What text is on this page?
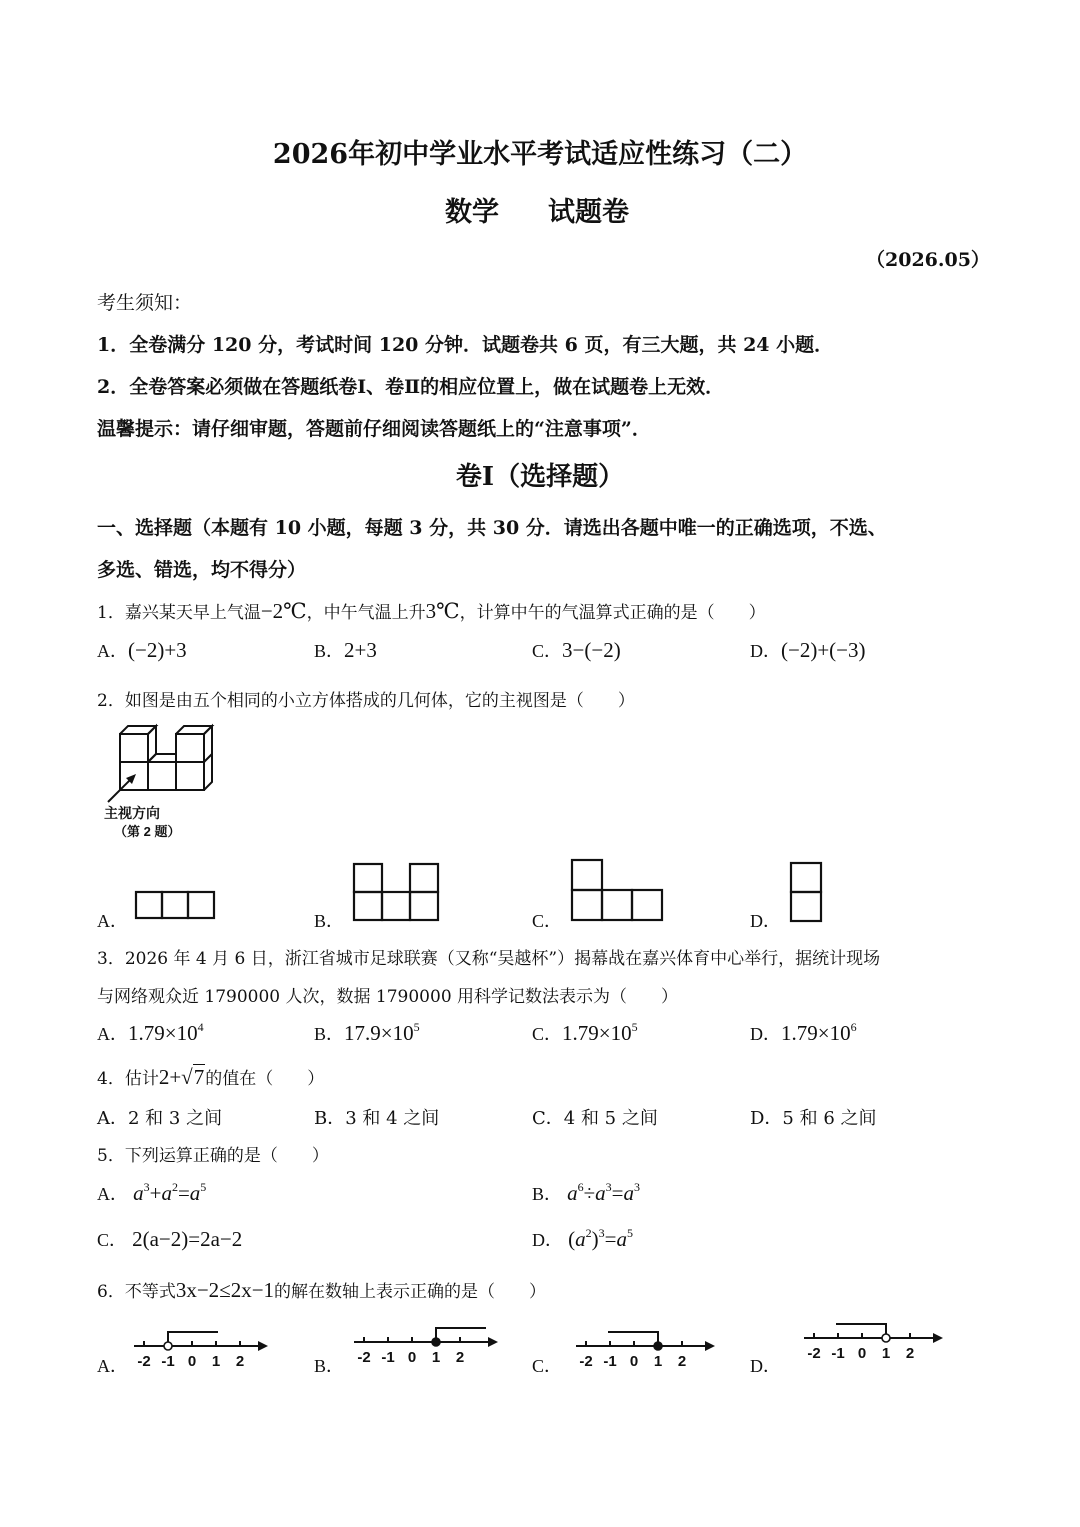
2026年初中学业水平考试适应性练习（二）
数学 试题卷
（2026.05）
考生须知：
1．全卷满分 120 分，考试时间 120 分钟．试题卷共 6 页，有三大题，共 24 小题．
2．全卷答案必须做在答题纸卷Ⅰ、卷Ⅱ的相应位置上，做在试题卷上无效．
温馨提示：请仔细审题，答题前仔细阅读答题纸上的“注意事项”．
卷Ⅰ（选择题）
一、选择题（本题有 10 小题，每题 3 分，共 30 分．请选出各题中唯一的正确选项，不选、
多选、错选，均不得分）
1．嘉兴某天早上气温−2℃，中午气温上升3℃，计算中午的气温算式正确的是（　　）
A．(−2)+3	B．2+3	C．3−(−2)	D．(−2)+(−3)
2．如图是由五个相同的小立方体搭成的几何体，它的主视图是（　　）
主视方向
（第 2 题）
A．	B．	C．	D．
3．2026 年 4 月 6 日，浙江省城市足球联赛（又称“吴越杯”）揭幕战在嘉兴体育中心举行，据统计现场
与网络观众近 1790000 人次，数据 1790000 用科学记数法表示为（　　）
A．$1.79\times 10^4$	B．$17.9\times 10^5$	C．$1.79\times 10^5$	D．$1.79\times 10^6$
4．估计2+√7的值在（　　）
A．2 和 3 之间	B．3 和 4 之间	C．4 和 5 之间	D．5 和 6 之间
5．下列运算正确的是（　　）
A． $a^3+a^2=a^5$	B． $a^6\div a^3=a^3$
C． 2(a−2)=2a−2	D． $(a^2)^3=a^5$
6．不等式3x−2≤2x−1的解在数轴上表示正确的是（　　）
A．	B．	C．	D．
-2 -1 0 1 2	-2 -1 0 1 2	-2 -1 0 1 2	-2 -1 0 1 2
